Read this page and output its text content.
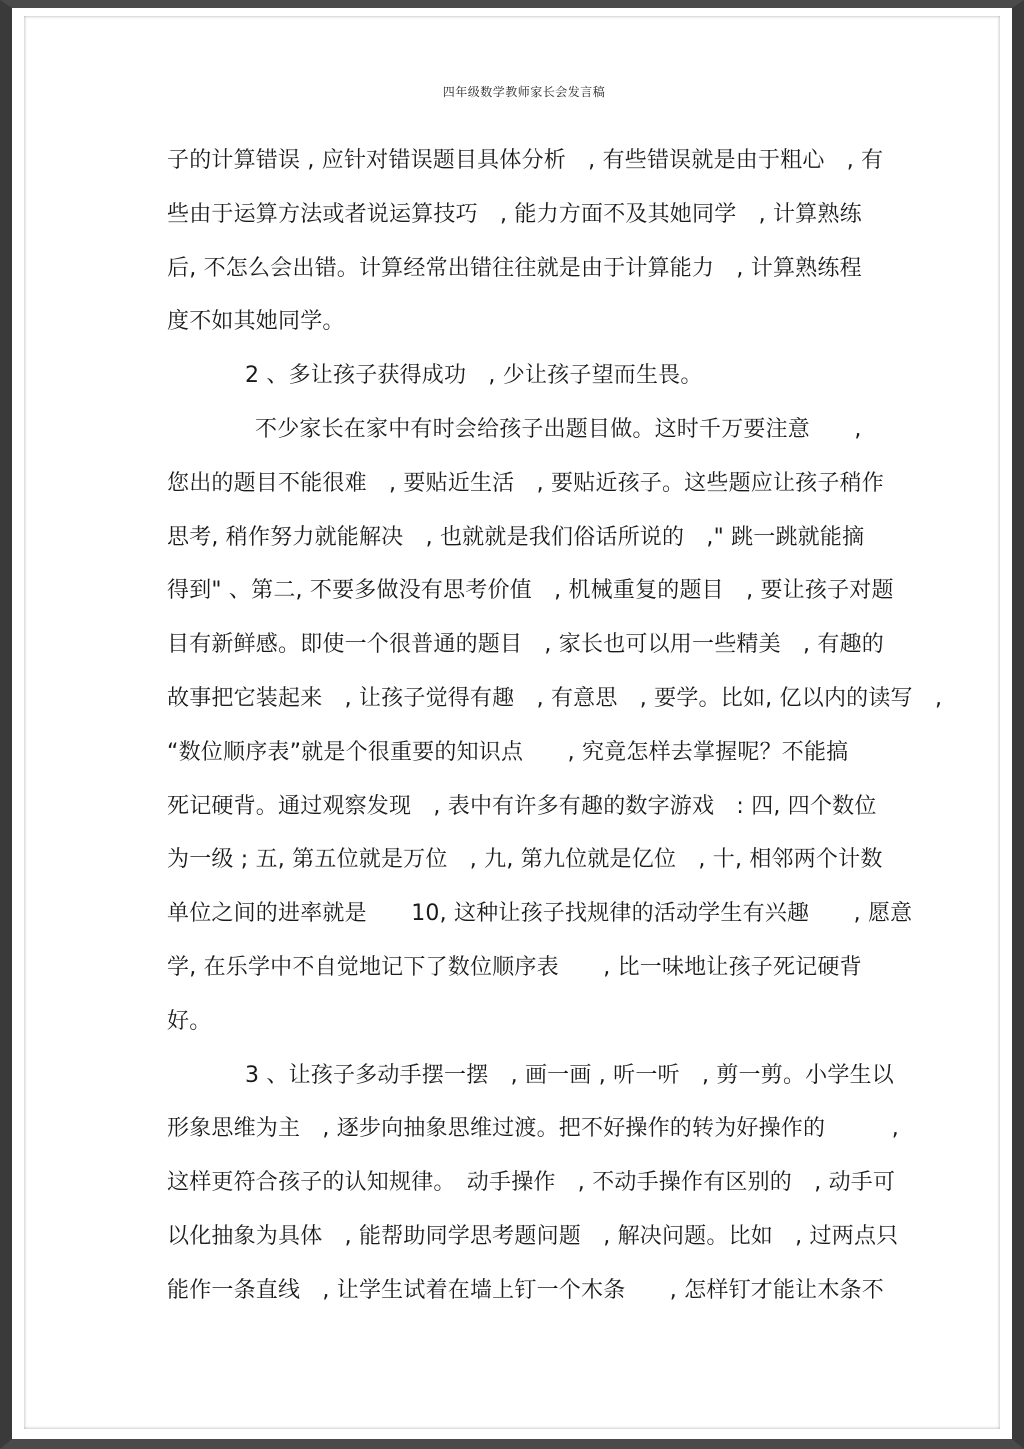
四年级数学教师家长会发言稿
子的计算错误 , 应针对错误题目具体分析　, 有些错误就是由于粗心　, 有
些由于运算方法或者说运算技巧　, 能力方面不及其她同学　, 计算熟练
后, 不怎么会出错。计算经常出错往往就是由于计算能力　, 计算熟练程
度不如其她同学。
2 、多让孩子获得成功　, 少让孩子望而生畏。
不少家长在家中有时会给孩子出题目做。这时千万要注意　　,
您出的题目不能很难　, 要贴近生活　, 要贴近孩子。这些题应让孩子稍作
思考, 稍作努力就能解决　, 也就就是我们俗话所说的　," 跳一跳就能摘
得到" 、第二, 不要多做没有思考价值　, 机械重复的题目　, 要让孩子对题
目有新鲜感。即使一个很普通的题目　, 家长也可以用一些精美　, 有趣的
故事把它装起来　, 让孩子觉得有趣　, 有意思　, 要学。比如, 亿以内的读写　,
“数位顺序表”就是个很重要的知识点　　, 究竟怎样去掌握呢？不能搞
死记硬背。通过观察发现　, 表中有许多有趣的数字游戏　: 四, 四个数位
为一级 ; 五, 第五位就是万位　, 九, 第九位就是亿位　, 十, 相邻两个计数
单位之间的进率就是　　10, 这种让孩子找规律的活动学生有兴趣　　, 愿意
学, 在乐学中不自觉地记下了数位顺序表　　, 比一味地让孩子死记硬背
好。
3 、让孩子多动手摆一摆　, 画一画 , 听一听　, 剪一剪。小学生以
形象思维为主　, 逐步向抽象思维过渡。把不好操作的转为好操作的　　　,
这样更符合孩子的认知规律。　动手操作　, 不动手操作有区别的　, 动手可
以化抽象为具体　, 能帮助同学思考题问题　, 解决问题。比如　, 过两点只
能作一条直线　, 让学生试着在墙上钉一个木条　　, 怎样钉才能让木条不
